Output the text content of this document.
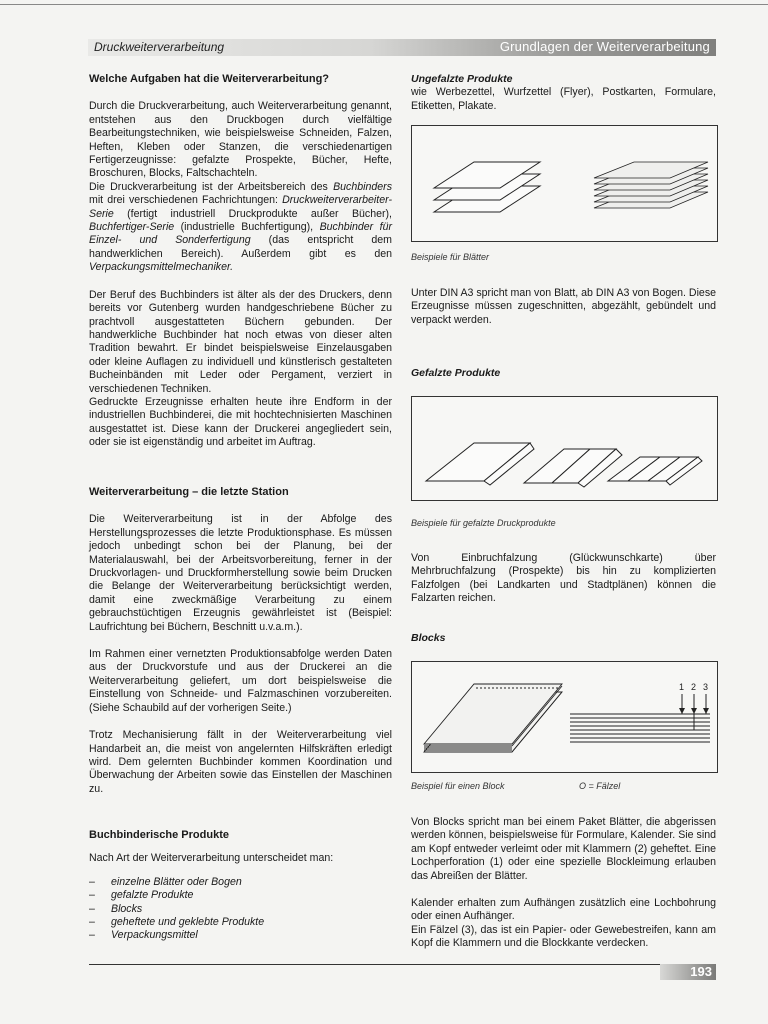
Druckweiterverarbeitung	Grundlagen der Weiterverarbeitung
Welche Aufgaben hat die Weiterverarbeitung?

Durch die Druckverarbeitung, auch Weiterverarbeitung genannt, entstehen aus den Druckbogen durch vielfältige Bearbeitungstechniken, wie beispielsweise Schneiden, Falzen, Heften, Kleben oder Stanzen, die verschiedenartigen Fertigerzeugnisse: gefalzte Prospekte, Bücher, Hefte, Broschuren, Blocks, Faltschachteln.

Die Druckverarbeitung ist der Arbeitsbereich des Buchbinders mit drei verschiedenen Fachrichtungen: Druckweiterverarbeiter-Serie (fertigt industriell Druckprodukte außer Bücher), Buchfertiger-Serie (industrielle Buchfertigung), Buchbinder für Einzel- und Sonderfertigung (das entspricht dem handwerklichen Bereich). Außerdem gibt es den Verpackungsmittelmechaniker.

Der Beruf des Buchbinders ist älter als der des Druckers, denn bereits vor Gutenberg wurden handgeschriebene Bücher zu prachtvoll ausgestatteten Büchern gebunden. Der handwerkliche Buchbinder hat noch etwas von dieser alten Tradition bewahrt. Er bindet beispielsweise Einzelausgaben oder kleine Auflagen zu individuell und künstlerisch gestalteten Bucheinbänden mit Leder oder Pergament, verziert in verschiedenen Techniken.

Gedruckte Erzeugnisse erhalten heute ihre Endform in der industriellen Buchbinderei, die mit hochtechnisierten Maschinen ausgestattet ist. Diese kann der Druckerei angegliedert sein, oder sie ist eigenständig und arbeitet im Auftrag.

Weiterverarbeitung – die letzte Station

Die Weiterverarbeitung ist in der Abfolge des Herstellungsprozesses die letzte Produktionsphase. Es müssen jedoch unbedingt schon bei der Planung, bei der Materialauswahl, bei der Arbeitsvorbereitung, ferner in der Druckvorlagen- und Druckformherstellung sowie beim Drucken die Belange der Weiterverarbeitung berücksichtigt werden, damit eine zweckmäßige Verarbeitung zu einem gebrauchstüchtigen Erzeugnis gewährleistet ist (Beispiel: Laufrichtung bei Büchern, Beschnitt u.v.a.m.).

Im Rahmen einer vernetzten Produktionsabfolge werden Daten aus der Druckvorstufe und aus der Druckerei an die Weiterverarbeitung geliefert, um dort beispielsweise die Einstellung von Schneide- und Falzmaschinen vorzubereiten. (Siehe Schaubild auf der vorherigen Seite.)

Trotz Mechanisierung fällt in der Weiterverarbeitung viel Handarbeit an, die meist von angelernten Hilfskräften erledigt wird. Dem gelernten Buchbinder kommen Koordination und Überwachung der Arbeiten sowie das Einstellen der Maschinen zu.

Buchbinderische Produkte

Nach Art der Weiterverarbeitung unterscheidet man:

– einzelne Blätter oder Bogen
– gefalzte Produkte
– Blocks
– geheftete und geklebte Produkte
– Verpackungsmittel

Ungefalzte Produkte

wie Werbezettel, Wurfzettel (Flyer), Postkarten, Formulare, Etiketten, Plakate.

Beispiele für Blätter

Unter DIN A3 spricht man von Blatt, ab DIN A3 von Bogen. Diese Erzeugnisse müssen zugeschnitten, abgezählt, gebündelt und verpackt werden.

Gefalzte Produkte

Beispiele für gefalzte Druckprodukte

Von Einbruchfalzung (Glückwunschkarte) über Mehrbruchfalzung (Prospekte) bis hin zu komplizierten Falzfolgen (bei Landkarten und Stadtplänen) können die Falzarten reichen.

Blocks

1 2 3
Beispiel für einen Block	O = Fälzel

Von Blocks spricht man bei einem Paket Blätter, die abgerissen werden können, beispielsweise für Formulare, Kalender. Sie sind am Kopf entweder verleimt oder mit Klammern (2) geheftet. Eine Lochperforation (1) oder eine spezielle Blockleimung erlauben das Abreißen der Blätter.

Kalender erhalten zum Aufhängen zusätzlich eine Lochbohrung oder einen Aufhänger.

Ein Fälzel (3), das ist ein Papier- oder Gewebestreifen, kann am Kopf die Klammern und die Blockkante verdecken.

193
